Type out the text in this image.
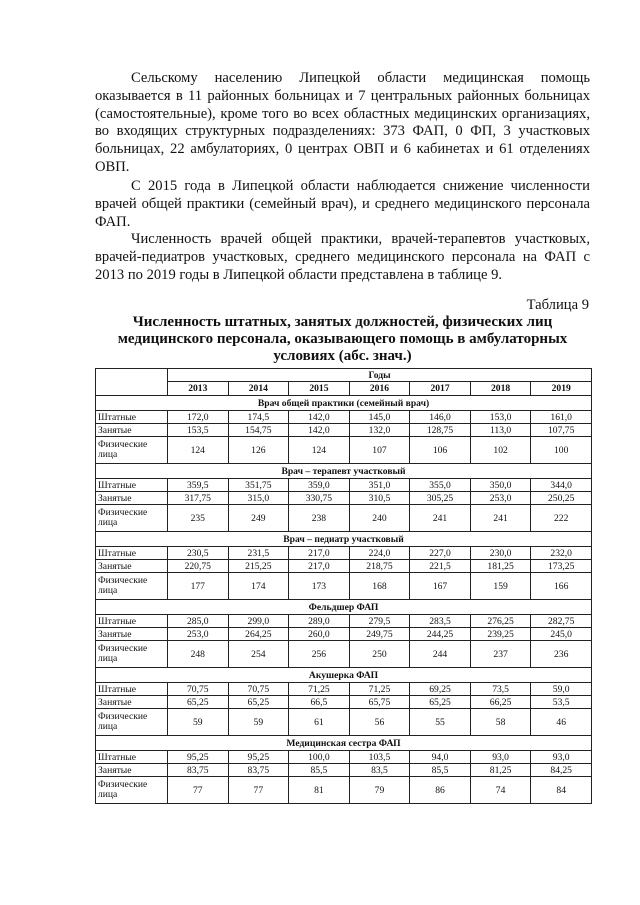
Сельскому населению Липецкой области медицинская помощь оказывается в 11 районных больницах и 7 центральных районных больницах (самостоятельные), кроме того во всех областных медицинских организациях, во входящих структурных подразделениях: 373 ФАП, 0 ФП, 3 участковых больницах, 22 амбулаториях, 0 центрах ОВП и 6 кабинетах и 61 отделениях ОВП.

С 2015 года в Липецкой области наблюдается снижение численности врачей общей практики (семейный врач), и среднего медицинского персонала ФАП.

Численность врачей общей практики, врачей-терапевтов участковых, врачей-педиатров участковых, среднего медицинского персонала на ФАП с 2013 по 2019 годы в Липецкой области представлена в таблице 9.

Таблица 9
Численность штатных, занятых должностей, физических лиц медицинского персонала, оказывающего помощь в амбулаторных условиях (абс. знач.)
	Годы						
	2013	2014	2015	2016	2017	2018	2019
Врач общей практики (семейный врач)							
Штатные	172,0	174,5	142,0	145,0	146,0	153,0	161,0
Занятые	153,5	154,75	142,0	132,0	128,75	113,0	107,75
Физические лица	124	126	124	107	106	102	100
Врач – терапевт участковый							
Штатные	359,5	351,75	359,0	351,0	355,0	350,0	344,0
Занятые	317,75	315,0	330,75	310,5	305,25	253,0	250,25
Физические лица	235	249	238	240	241	241	222
Врач – педиатр участковый							
Штатные	230,5	231,5	217,0	224,0	227,0	230,0	232,0
Занятые	220,75	215,25	217,0	218,75	221,5	181,25	173,25
Физические лица	177	174	173	168	167	159	166
Фельдшер ФАП							
Штатные	285,0	299,0	289,0	279,5	283,5	276,25	282,75
Занятые	253,0	264,25	260,0	249,75	244,25	239,25	245,0
Физические лица	248	254	256	250	244	237	236
Акушерка ФАП							
Штатные	70,75	70,75	71,25	71,25	69,25	73,5	59,0
Занятые	65,25	65,25	66,5	65,75	65,25	66,25	53,5
Физические лица	59	59	61	56	55	58	46
Медицинская сестра ФАП							
Штатные	95,25	95,25	100,0	103,5	94,0	93,0	93,0
Занятые	83,75	83,75	85,5	83,5	85,5	81,25	84,25
Физические лица	77	77	81	79	86	74	84
